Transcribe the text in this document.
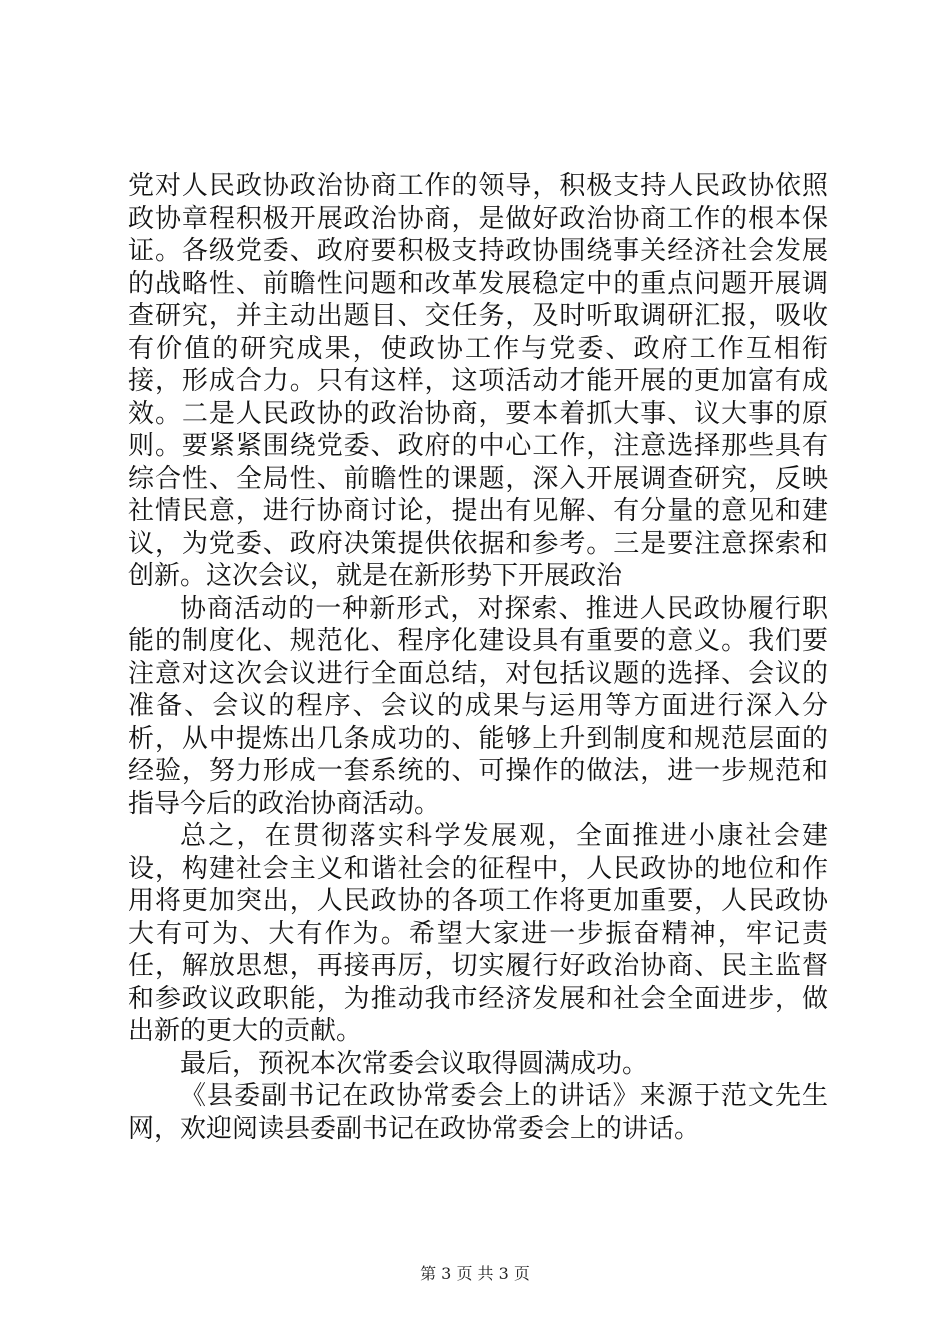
党对人民政协政治协商工作的领导，积极支持人民政协依照政协章程积极开展政治协商，是做好政治协商工作的根本保证。各级党委、政府要积极支持政协围绕事关经济社会发展的战略性、前瞻性问题和改革发展稳定中的重点问题开展调查研究，并主动出题目、交任务，及时听取调研汇报，吸收有价值的研究成果，使政协工作与党委、政府工作互相衔接，形成合力。只有这样，这项活动才能开展的更加富有成效。二是人民政协的政治协商，要本着抓大事、议大事的原则。要紧紧围绕党委、政府的中心工作，注意选择那些具有综合性、全局性、前瞻性的课题，深入开展调查研究，反映社情民意，进行协商讨论，提出有见解、有分量的意见和建议，为党委、政府决策提供依据和参考。三是要注意探索和创新。这次会议，就是在新形势下开展政治

协商活动的一种新形式，对探索、推进人民政协履行职能的制度化、规范化、程序化建设具有重要的意义。我们要注意对这次会议进行全面总结，对包括议题的选择、会议的准备、会议的程序、会议的成果与运用等方面进行深入分析，从中提炼出几条成功的、能够上升到制度和规范层面的经验，努力形成一套系统的、可操作的做法，进一步规范和指导今后的政治协商活动。

总之，在贯彻落实科学发展观，全面推进小康社会建设，构建社会主义和谐社会的征程中，人民政协的地位和作用将更加突出，人民政协的各项工作将更加重要，人民政协大有可为、大有作为。希望大家进一步振奋精神，牢记责任，解放思想，再接再厉，切实履行好政治协商、民主监督和参政议政职能，为推动我市经济发展和社会全面进步，做出新的更大的贡献。

最后，预祝本次常委会议取得圆满成功。

《县委副书记在政协常委会上的讲话》来源于范文先生网，欢迎阅读县委副书记在政协常委会上的讲话。

第 3 页 共 3 页
